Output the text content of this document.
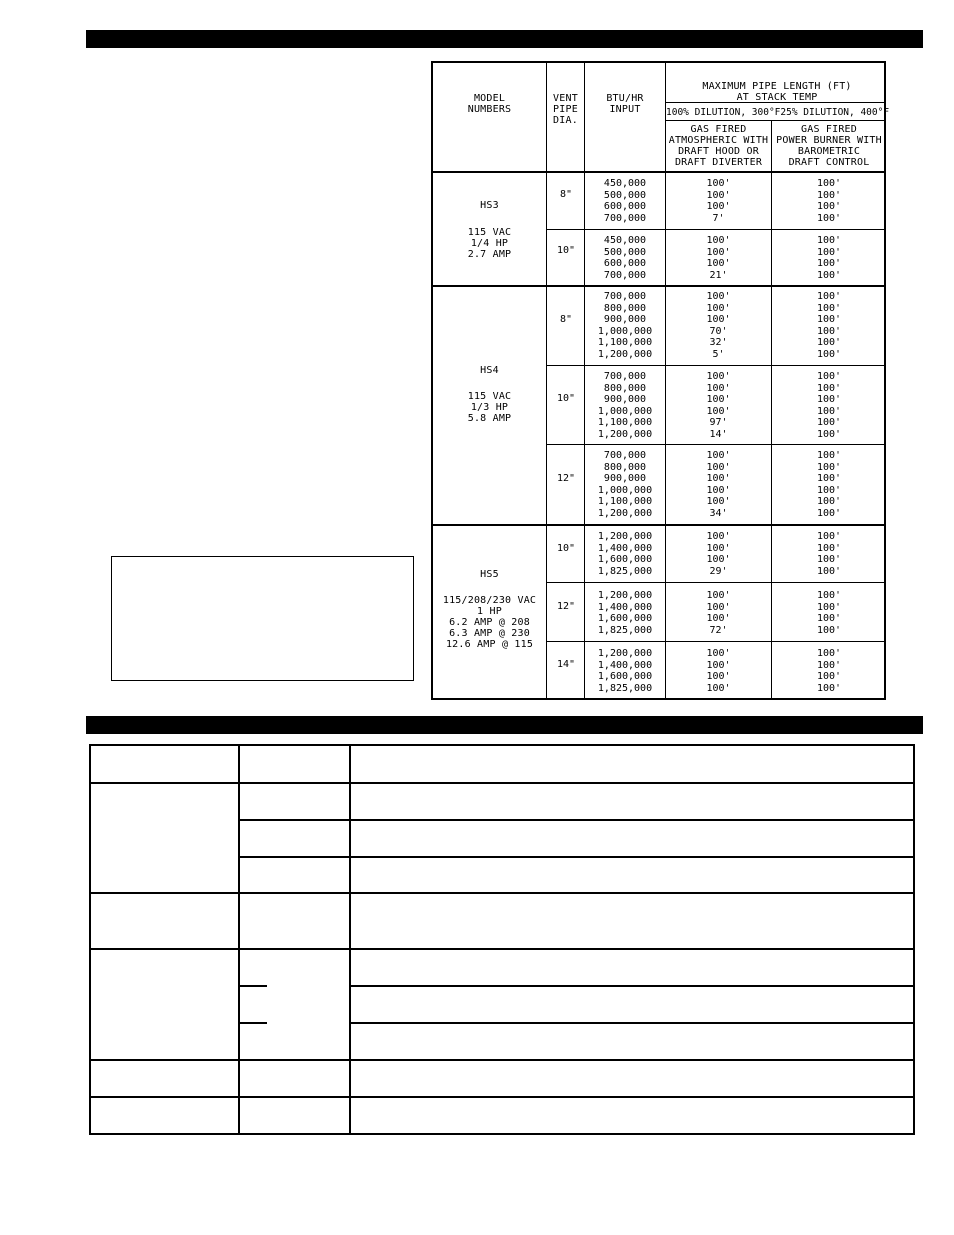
MODEL
NUMBERS
VENT
PIPE
DIA.
MAXIMUM PIPE LENGTH (FT)
AT STACK TEMP
100% DILUTION, 300°F25% DILUTION, 400°F
GAS FIRED
ATMOSPHERIC WITH
DRAFT HOOD OR
DRAFT DIVERTER
GAS FIRED
POWER BURNER WITH
BAROMETRIC
DRAFT CONTROL
BTU/HR
INPUT
HS3
115 VAC
1/4 HP
2.7 AMP
8"
450,000
500,000
600,000
700,000
100'
100'
100'
7'
100'
100'
100'
100'
10"
450,000
500,000
600,000
700,000
100'
100'
100'
21'
100'
100'
100'
100'
HS4
115 VAC
1/3 HP
5.8 AMP
8"
700,000
800,000
900,000
1,000,000
1,100,000
1,200,000
100'
100'
100'
70'
32'
5'
100'
100'
100'
100'
100'
100'
10"
700,000
800,000
900,000
1,000,000
1,100,000
1,200,000
100'
100'
100'
100'
97'
14'
100'
100'
100'
100'
100'
100'
12"
700,000
800,000
900,000
1,000,000
1,100,000
1,200,000
100'
100'
100'
100'
100'
34'
100'
100'
100'
100'
100'
100'
HS5
115/208/230 VAC
1 HP
6.2 AMP @ 208
6.3 AMP @ 230
12.6 AMP @ 115
10"
1,200,000
1,400,000
1,600,000
1,825,000
100'
100'
100'
29'
100'
100'
100'
100'
12"
1,200,000
1,400,000
1,600,000
1,825,000
100'
100'
100'
72'
100'
100'
100'
100'
14"
1,200,000
1,400,000
1,600,000
1,825,000
100'
100'
100'
100'
100'
100'
100'
100'
